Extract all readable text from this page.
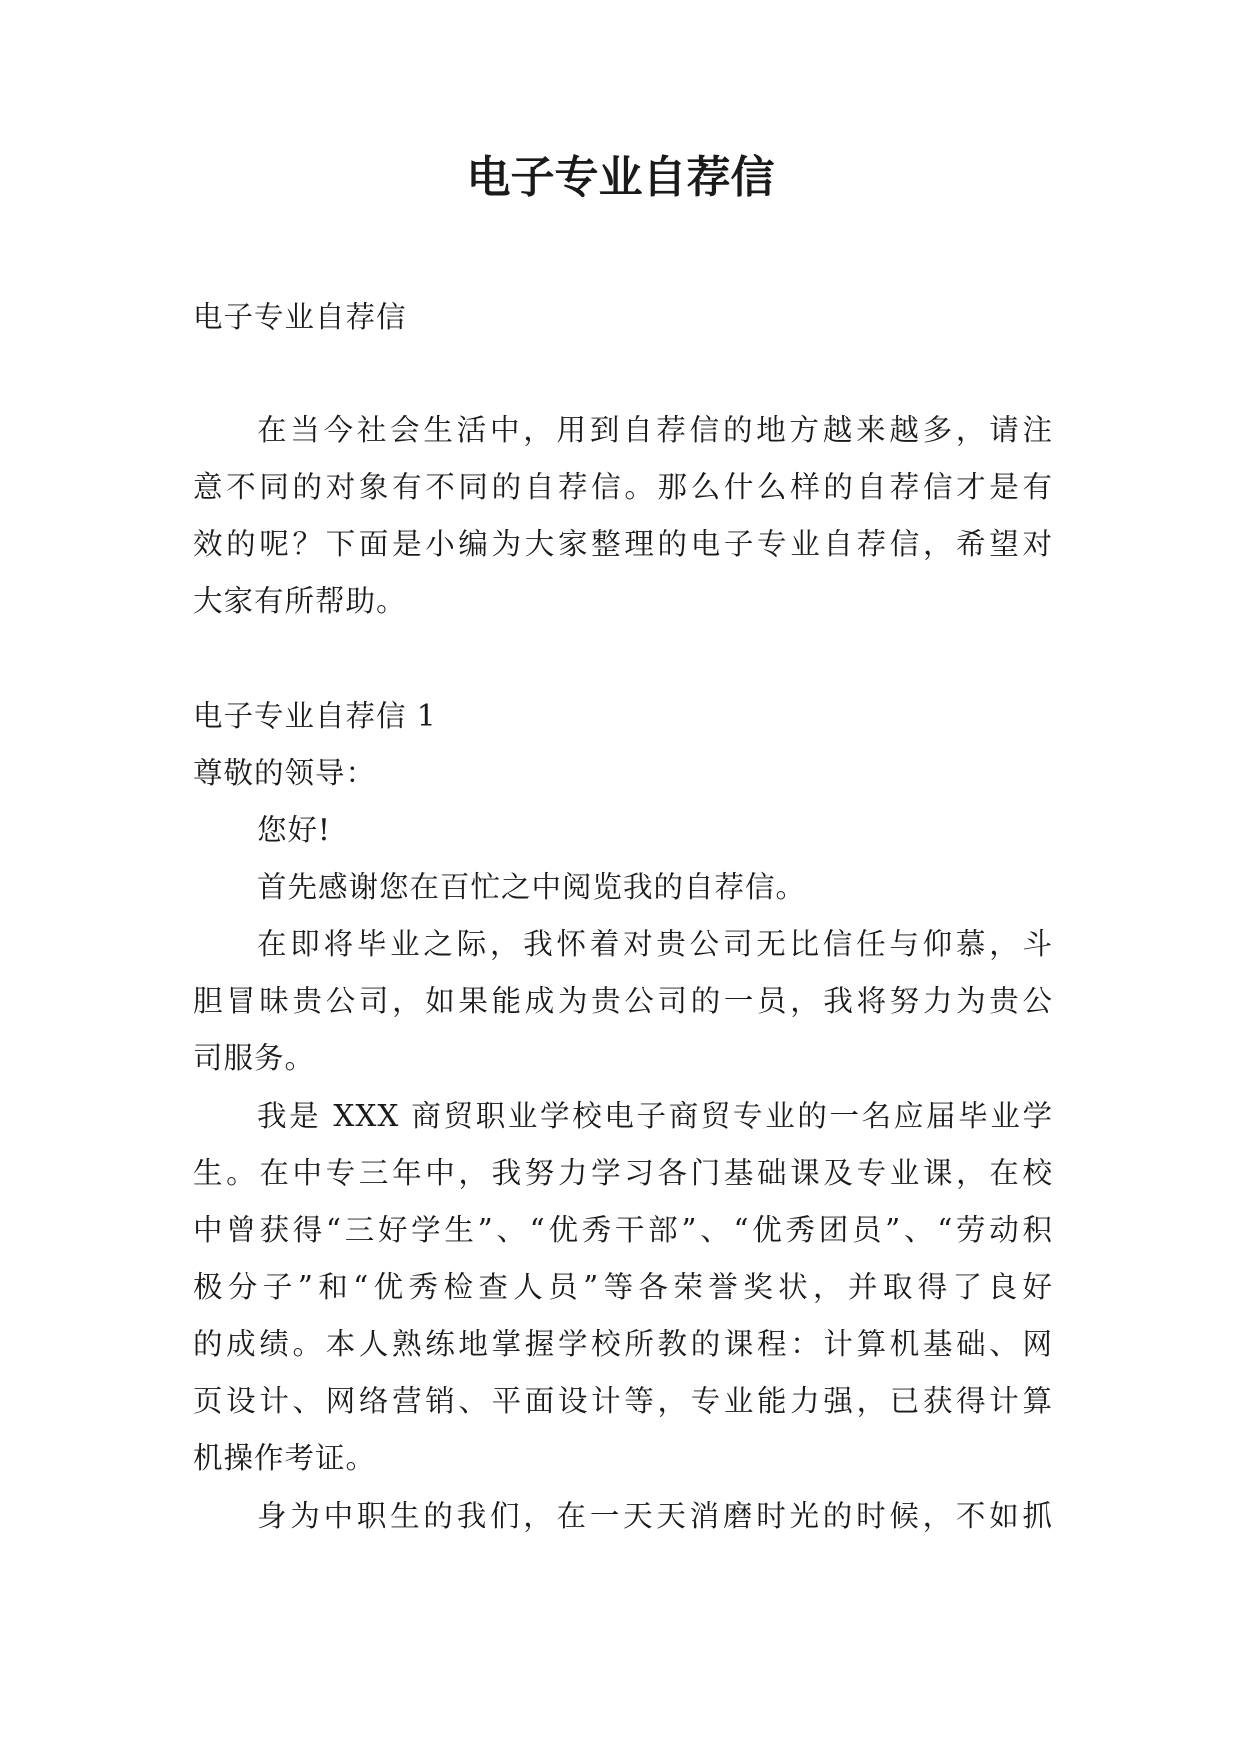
电子专业自荐信
电子专业自荐信
在当今社会生活中，用到自荐信的地方越来越多，请注
意不同的对象有不同的自荐信。那么什么样的自荐信才是有
效的呢？下面是小编为大家整理的电子专业自荐信，希望对
大家有所帮助。
电子专业自荐信 1
尊敬的领导：
您好!
首先感谢您在百忙之中阅览我的自荐信。
在即将毕业之际，我怀着对贵公司无比信任与仰慕，斗
胆冒昧贵公司，如果能成为贵公司的一员，我将努力为贵公
司服务。
我是 XXX 商贸职业学校电子商贸专业的一名应届毕业学
生。在中专三年中，我努力学习各门基础课及专业课，在校
中曾获得“三好学生”、“优秀干部”、“优秀团员”、“劳动积
极分子”和“优秀检查人员”等各荣誉奖状，并取得了良好
的成绩。本人熟练地掌握学校所教的课程：计算机基础、网
页设计、网络营销、平面设计等，专业能力强，已获得计算
机操作考证。
身为中职生的我们，在一天天消磨时光的时候，不如抓
